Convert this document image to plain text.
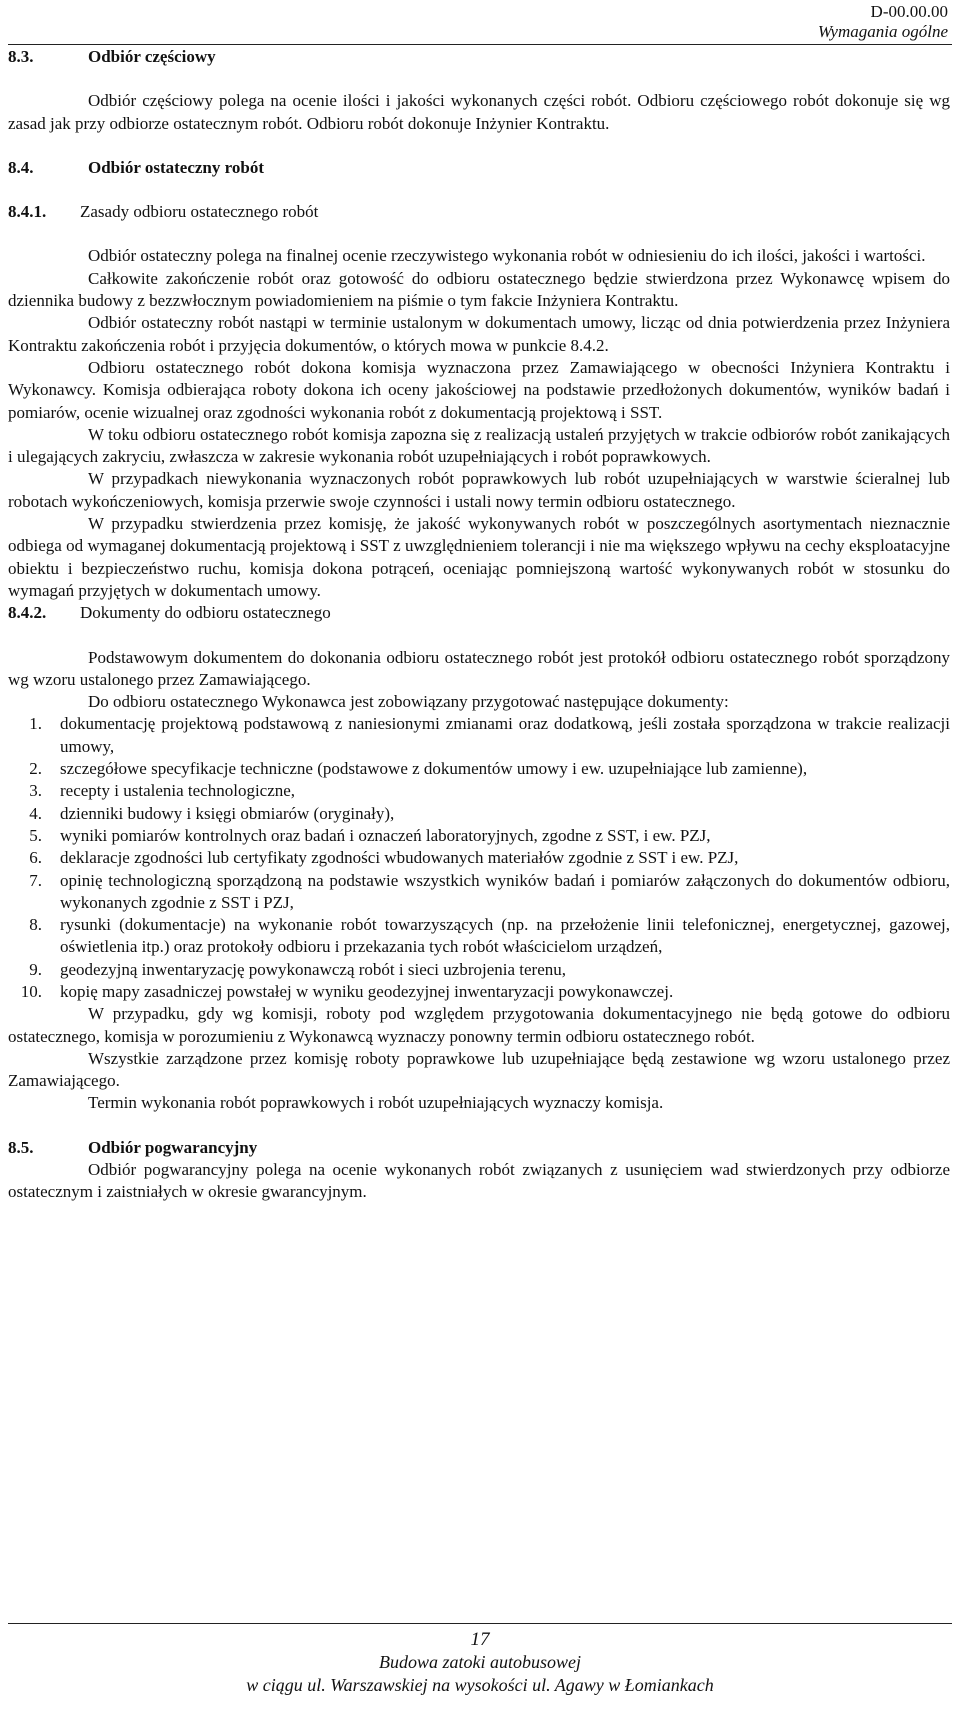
D-00.00.00
Wymagania ogólne
8.3.	Odbiór częściowy

Odbiór częściowy polega na ocenie ilości i jakości wykonanych części robót. Odbioru częściowego robót dokonuje się wg zasad jak przy odbiorze ostatecznym robót. Odbioru robót dokonuje Inżynier Kontraktu.

8.4.	Odbiór ostateczny robót
8.4.1. Zasady odbioru ostatecznego robót

Odbiór ostateczny polega na finalnej ocenie rzeczywistego wykonania robót w odniesieniu do ich ilości, jakości i wartości.

Całkowite zakończenie robót oraz gotowość do odbioru ostatecznego będzie stwierdzona przez Wykonawcę wpisem do dziennika budowy z bezzwłocznym powiadomieniem na piśmie o tym fakcie Inżyniera Kontraktu.

Odbiór ostateczny robót nastąpi w terminie ustalonym w dokumentach umowy, licząc od dnia potwierdzenia przez Inżyniera Kontraktu zakończenia robót i przyjęcia dokumentów, o których mowa w punkcie 8.4.2.

Odbioru ostatecznego robót dokona komisja wyznaczona przez Zamawiającego w obecności Inżyniera Kontraktu i Wykonawcy. Komisja odbierająca roboty dokona ich oceny jakościowej na podstawie przedłożonych dokumentów, wyników badań i pomiarów, ocenie wizualnej oraz zgodności wykonania robót z dokumentacją projektową i SST.

W toku odbioru ostatecznego robót komisja zapozna się z realizacją ustaleń przyjętych w trakcie odbiorów robót zanikających i ulegających zakryciu, zwłaszcza w zakresie wykonania robót uzupełniających i robót poprawkowych.

W przypadkach niewykonania wyznaczonych robót poprawkowych lub robót uzupełniających w warstwie ścieralnej lub robotach wykończeniowych, komisja przerwie swoje czynności i ustali nowy termin odbioru ostatecznego.

W przypadku stwierdzenia przez komisję, że jakość wykonywanych robót w poszczególnych asortymentach nieznacznie odbiega od wymaganej dokumentacją projektową i SST z uwzględnieniem tolerancji i nie ma większego wpływu na cechy eksploatacyjne obiektu i bezpieczeństwo ruchu, komisja dokona potrąceń, oceniając pomniejszoną wartość wykonywanych robót w stosunku do wymagań przyjętych w dokumentach umowy.

8.4.2. Dokumenty do odbioru ostatecznego

Podstawowym dokumentem do dokonania odbioru ostatecznego robót jest protokół odbioru ostatecznego robót sporządzony wg wzoru ustalonego przez Zamawiającego.

Do odbioru ostatecznego Wykonawca jest zobowiązany przygotować następujące dokumenty:

1. dokumentację projektową podstawową z naniesionymi zmianami oraz dodatkową, jeśli została sporządzona w trakcie realizacji umowy,
2. szczegółowe specyfikacje techniczne (podstawowe z dokumentów umowy i ew. uzupełniające lub zamienne),
3. recepty i ustalenia technologiczne,
4. dzienniki budowy i księgi obmiarów (oryginały),
5. wyniki pomiarów kontrolnych oraz badań i oznaczeń laboratoryjnych, zgodne z SST, i ew. PZJ,
6. deklaracje zgodności lub certyfikaty zgodności wbudowanych materiałów zgodnie z SST i ew. PZJ,
7. opinię technologiczną sporządzoną na podstawie wszystkich wyników badań i pomiarów załączonych do dokumentów odbioru, wykonanych zgodnie z SST i PZJ,
8. rysunki (dokumentacje) na wykonanie robót towarzyszących (np. na przełożenie linii telefonicznej, energetycznej, gazowej, oświetlenia itp.) oraz protokoły odbioru i przekazania tych robót właścicielom urządzeń,
9. geodezyjną inwentaryzację powykonawczą robót i sieci uzbrojenia terenu,
10. kopię mapy zasadniczej powstałej w wyniku geodezyjnej inwentaryzacji powykonawczej.

W przypadku, gdy wg komisji, roboty pod względem przygotowania dokumentacyjnego nie będą gotowe do odbioru ostatecznego, komisja w porozumieniu z Wykonawcą wyznaczy ponowny termin odbioru ostatecznego robót.

Wszystkie zarządzone przez komisję roboty poprawkowe lub uzupełniające będą zestawione wg wzoru ustalonego przez Zamawiającego.

Termin wykonania robót poprawkowych i robót uzupełniających wyznaczy komisja.

8.5.	Odbiór pogwarancyjny

Odbiór pogwarancyjny polega na ocenie wykonanych robót związanych z usunięciem wad stwierdzonych przy odbiorze ostatecznym i zaistniałych w okresie gwarancyjnym.

17
Budowa zatoki autobusowej
w ciągu ul. Warszawskiej na wysokości ul. Agawy w Łomiankach
